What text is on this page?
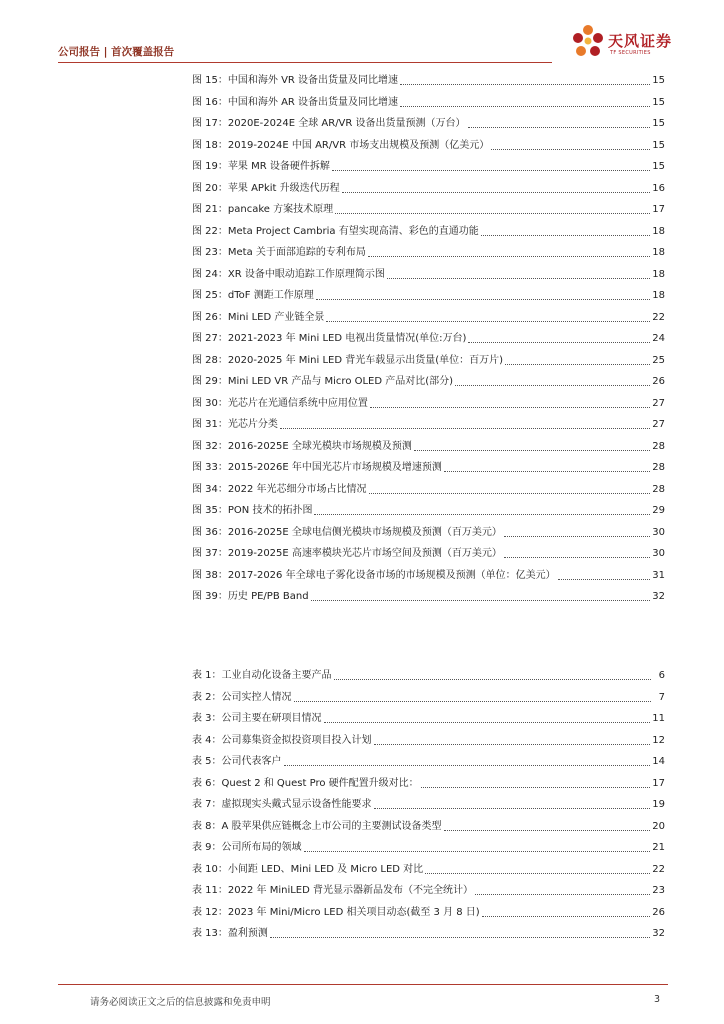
公司报告 | 首次覆盖报告
天风证券
TF SECURITIES
图 15：中国和海外 VR 设备出货量及同比增速	15
图 16：中国和海外 AR 设备出货量及同比增速	15
图 17：2020E-2024E 全球 AR/VR 设备出货量预测（万台）	15
图 18：2019-2024E 中国 AR/VR 市场支出规模及预测（亿美元）	15
图 19：苹果 MR 设备硬件拆解	15
图 20：苹果 APkit 升级迭代历程	16
图 21：pancake 方案技术原理	17
图 22：Meta Project Cambria 有望实现高清、彩色的直通功能	18
图 23：Meta 关于面部追踪的专利布局	18
图 24：XR 设备中眼动追踪工作原理简示图	18
图 25：dToF 测距工作原理	18
图 26：Mini LED 产业链全景	22
图 27：2021-2023 年 Mini LED 电视出货量情况(单位:万台)	24
图 28：2020-2025 年 Mini LED 背光车载显示出货量(单位：百万片)	25
图 29：Mini LED VR 产品与 Micro OLED 产品对比(部分)	26
图 30：光芯片在光通信系统中应用位置	27
图 31：光芯片分类	27
图 32：2016-2025E 全球光模块市场规模及预测	28
图 33：2015-2026E 年中国光芯片市场规模及增速预测	28
图 34：2022 年光芯细分市场占比情况	28
图 35：PON 技术的拓扑图	29
图 36：2016-2025E 全球电信侧光模块市场规模及预测（百万美元）	30
图 37：2019-2025E 高速率模块光芯片市场空间及预测（百万美元）	30
图 38：2017-2026 年全球电子雾化设备市场的市场规模及预测（单位：亿美元）	31
图 39：历史 PE/PB Band	32
表 1：工业自动化设备主要产品	6
表 2：公司实控人情况	7
表 3：公司主要在研项目情况	11
表 4：公司募集资金拟投资项目投入计划	12
表 5：公司代表客户	14
表 6：Quest 2 和 Quest Pro 硬件配置升级对比：	17
表 7：虚拟现实头戴式显示设备性能要求	19
表 8：A 股苹果供应链概念上市公司的主要测试设备类型	20
表 9：公司所布局的领域	21
表 10：小间距 LED、Mini LED 及 Micro LED 对比	22
表 11：2022 年 MiniLED 背光显示器新品发布（不完全统计）	23
表 12：2023 年 Mini/Micro LED 相关项目动态(截至 3 月 8 日)	26
表 13：盈利预测	32
请务必阅读正文之后的信息披露和免责申明	3
